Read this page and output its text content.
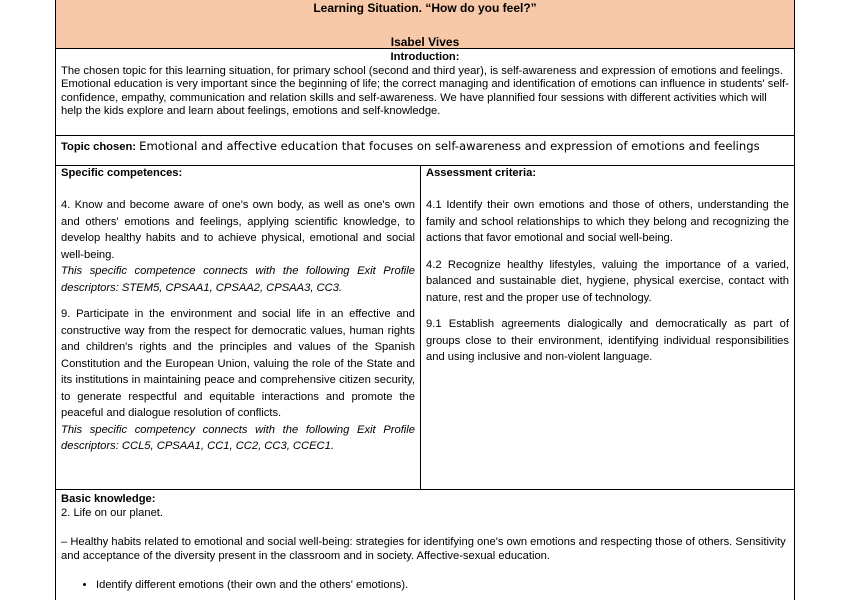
Learning Situation. “How do you feel?”
Isabel Vives
Introduction:
The chosen topic for this learning situation, for primary school (second and third year), is self-awareness and expression of emotions and feelings. Emotional education is very important since the beginning of life; the correct managing and identification of emotions can influence in students' self-confidence, empathy, communication and relation skills and self-awareness. We have plannified four sessions with different activities which will help the kids explore and learn about feelings, emotions and self-knowledge.
Topic chosen: Emotional and affective education that focuses on self-awareness and expression of emotions and feelings
Specific competences:

4. Know and become aware of one's own body, as well as one's own and others' emotions and feelings, applying scientific knowledge, to develop healthy habits and to achieve physical, emotional and social well-being.

This specific competence connects with the following Exit Profile descriptors: STEM5, CPSAA1, CPSAA2, CPSAA3, CC3.

9. Participate in the environment and social life in an effective and constructive way from the respect for democratic values, human rights and children's rights and the principles and values of the Spanish Constitution and the European Union, valuing the role of the State and its institutions in maintaining peace and comprehensive citizen security, to generate respectful and equitable interactions and promote the peaceful and dialogue resolution of conflicts.

This specific competency connects with the following Exit Profile descriptors: CCL5, CPSAA1, CC1, CC2, CC3, CCEC1.

Assessment criteria:

4.1 Identify their own emotions and those of others, understanding the family and school relationships to which they belong and recognizing the actions that favor emotional and social well-being.

4.2 Recognize healthy lifestyles, valuing the importance of a varied, balanced and sustainable diet, hygiene, physical exercise, contact with nature, rest and the proper use of technology.

9.1 Establish agreements dialogically and democratically as part of groups close to their environment, identifying individual responsibilities and using inclusive and non-violent language.

Basic knowledge:
2. Life on our planet.
– Healthy habits related to emotional and social well-being: strategies for identifying one's own emotions and respecting those of others. Sensitivity and acceptance of the diversity present in the classroom and in society. Affective-sexual education.
• Identify different emotions (their own and the others' emotions).
